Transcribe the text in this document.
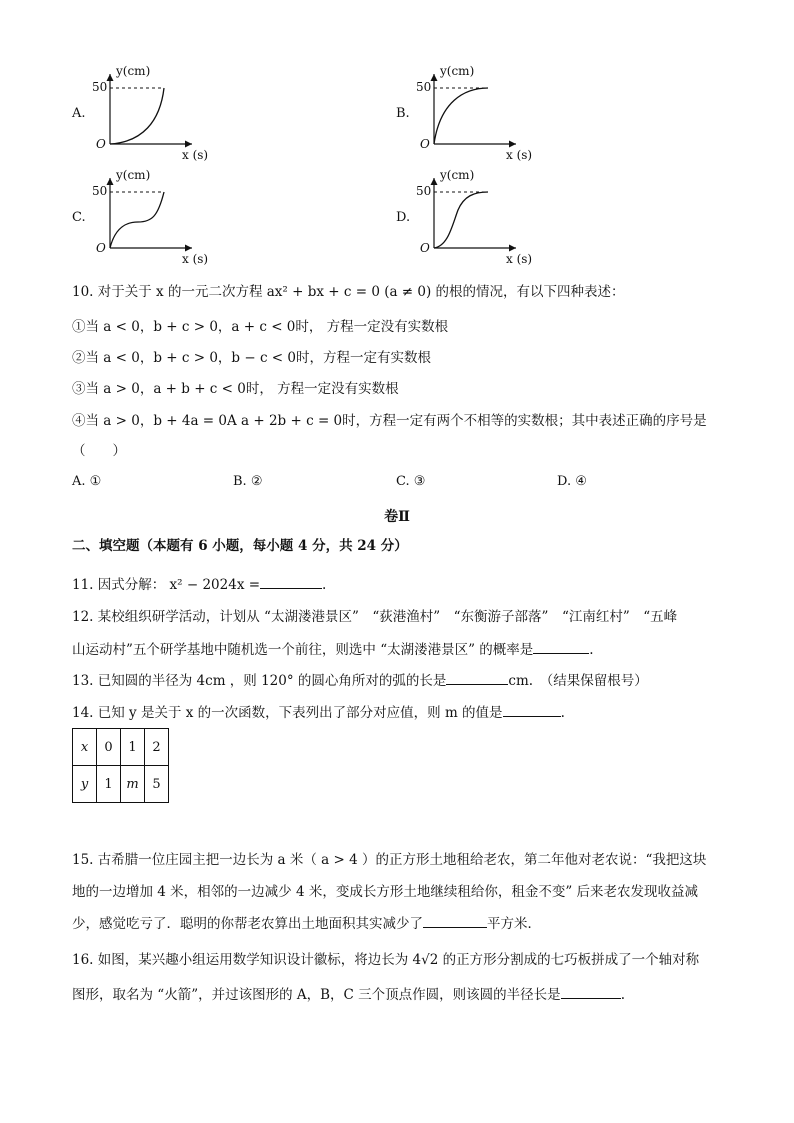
A.
50
y(cm)
O
x (s)
B.
50
y(cm)
O
x (s)
C.
50
y(cm)
O
x (s)
D.
50
y(cm)
O
x (s)
10. 对于关于 x 的一元二次方程 ax² + bx + c = 0 (a ≠ 0) 的根的情况，有以下四种表述：
①当 a < 0，b + c > 0，a + c < 0时， 方程一定没有实数根
②当 a < 0，b + c > 0，b − c < 0时，方程一定有实数根
③当 a > 0，a + b + c < 0时， 方程一定没有实数根
④当 a > 0，b + 4a = 0A a + 2b + c = 0时，方程一定有两个不相等的实数根；其中表述正确的序号是
（　　）
A. ①	B. ②	C. ③	D. ④
卷Ⅱ
二、填空题（本题有 6 小题，每小题 4 分，共 24 分）
11. 因式分解： x² − 2024x =	.
12. 某校组织研学活动，计划从 “太湖溇港景区”　“荻港渔村”　“东衡游子部落”　“江南红村”　“五峰
山运动村”五个研学基地中随机选一个前往，则选中 “太湖溇港景区” 的概率是	.
13. 已知圆的半径为 4cm ，则 120° 的圆心角所对的弧的长是	cm.　（结果保留根号）
14. 已知 y 是关于 x 的一次函数，下表列出了部分对应值，则 m 的值是	.
x	0	1	2
y	1	m	5
15. 古希腊一位庄园主把一边长为 a 米（ a > 4 ）的正方形土地租给老农，第二年他对老农说：“我把这块
地的一边增加 4 米，相邻的一边减少 4 米，变成长方形土地继续租给你，租金不变” 后来老农发现收益减
少，感觉吃亏了．聪明的你帮老农算出土地面积其实减少了	平方米．
16. 如图，某兴趣小组运用数学知识设计徽标，将边长为 4√2 的正方形分割成的七巧板拼成了一个轴对称
图形，取名为 “火箭”，并过该图形的 A，B，C 三个顶点作圆，则该圆的半径长是	.
